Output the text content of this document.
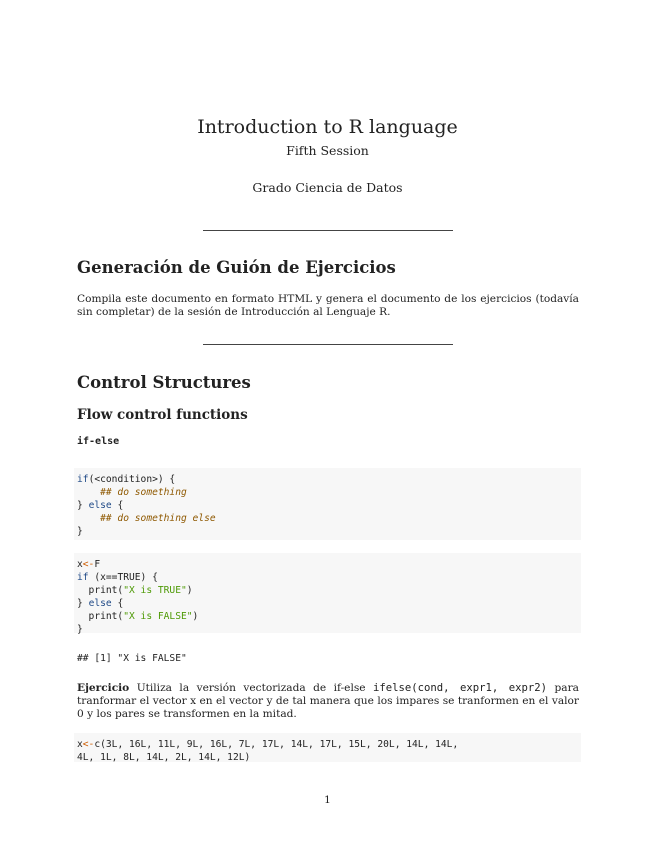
Introduction to R language
Fifth Session
Grado Ciencia de Datos
Generación de Guión de Ejercicios
Compila este documento en formato HTML y genera el documento de los ejercicios (todavía sin completar) de la sesión de Introducción al Lenguaje R.
Control Structures
Flow control functions
if-else
if(<condition>) {
## do something
} else {
## do something else
}
x<-F
if (x==TRUE) {
print("X is TRUE")
} else {
print("X is FALSE")
}
## [1] "X is FALSE"
Ejercicio Utiliza la versión vectorizada de if-else ifelse(cond, expr1, expr2) para tranformar el vector x en el vector y de tal manera que los impares se tranformen en el valor 0 y los pares se transformen en la mitad.
x<-c(3L, 16L, 11L, 9L, 16L, 7L, 17L, 14L, 17L, 15L, 20L, 14L, 14L,
4L, 1L, 8L, 14L, 2L, 14L, 12L)
1
